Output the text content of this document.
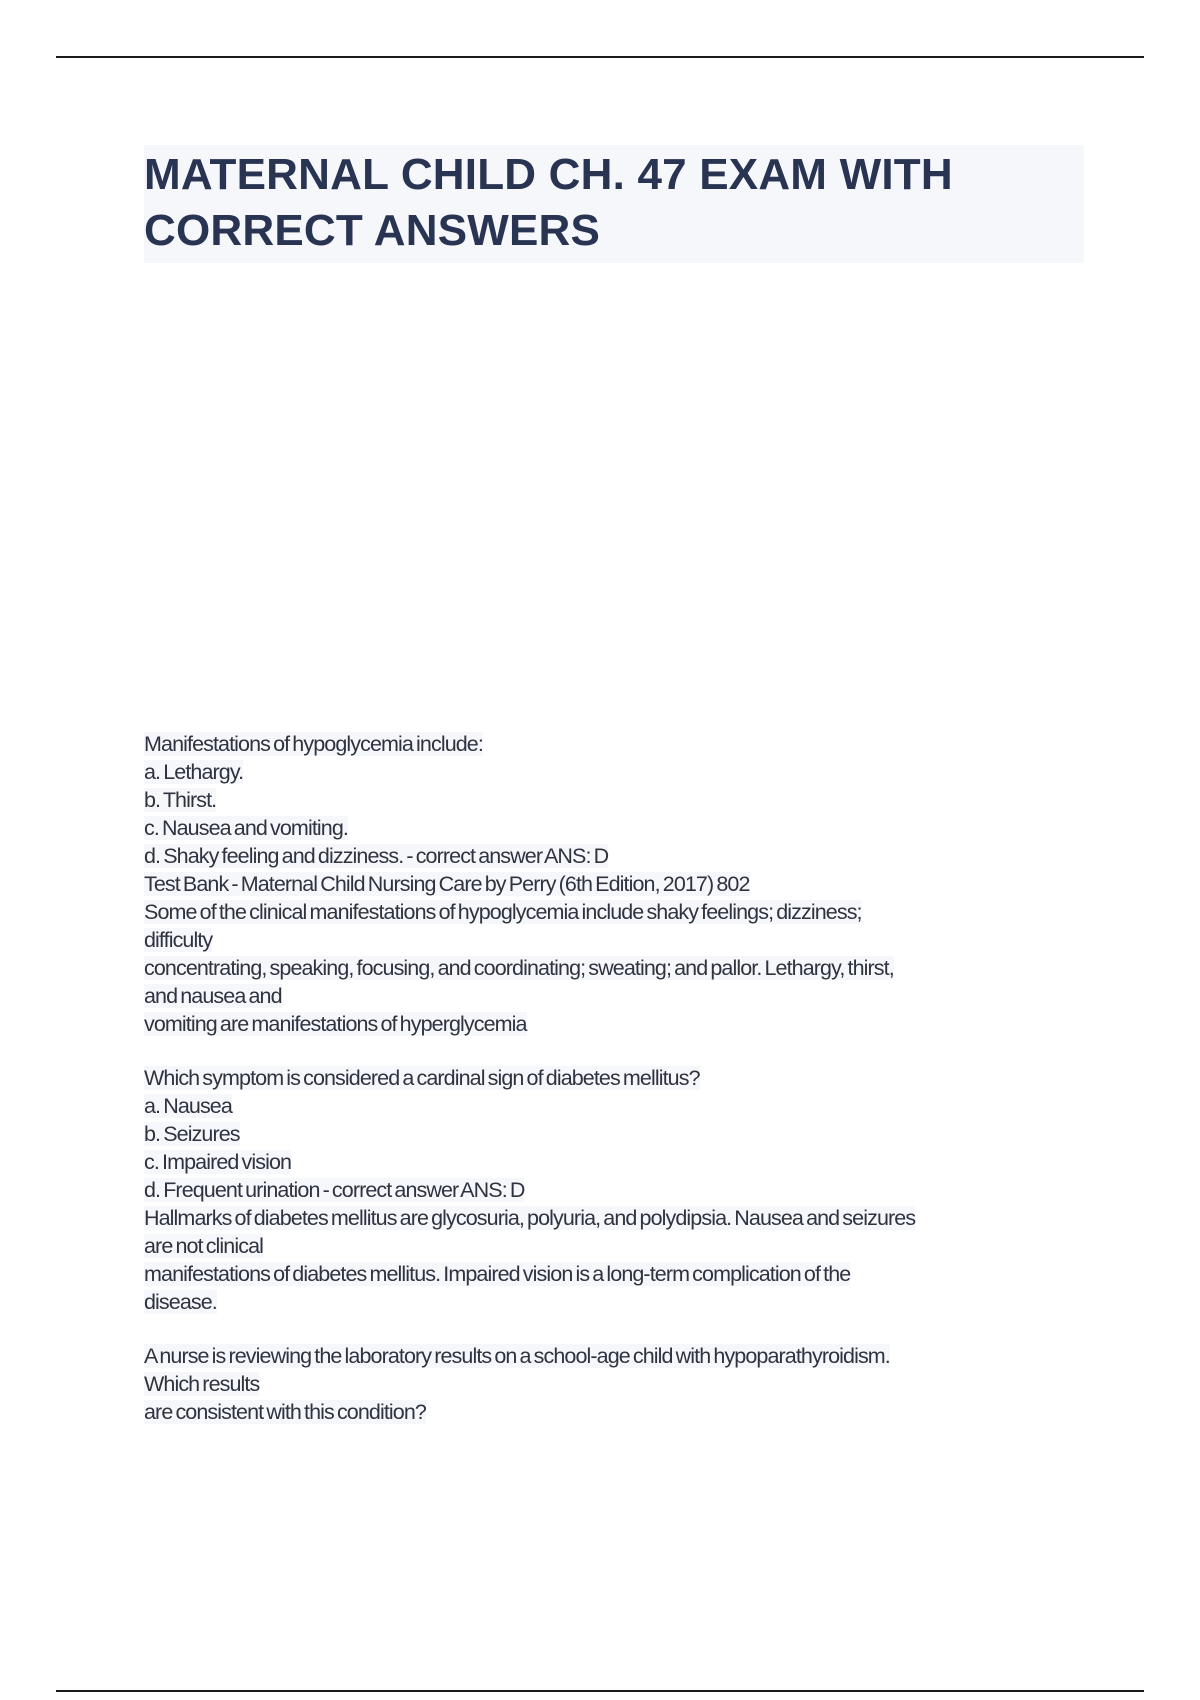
MATERNAL CHILD CH. 47 EXAM WITH CORRECT ANSWERS
Manifestations of hypoglycemia include:
a. Lethargy.
b. Thirst.
c. Nausea and vomiting.
d. Shaky feeling and dizziness. - correct answer ANS: D
Test Bank - Maternal Child Nursing Care by Perry (6th Edition, 2017) 802
Some of the clinical manifestations of hypoglycemia include shaky feelings; dizziness;
difficulty
concentrating, speaking, focusing, and coordinating; sweating; and pallor. Lethargy, thirst,
and nausea and
vomiting are manifestations of hyperglycemia
Which symptom is considered a cardinal sign of diabetes mellitus?
a. Nausea
b. Seizures
c. Impaired vision
d. Frequent urination - correct answer ANS: D
Hallmarks of diabetes mellitus are glycosuria, polyuria, and polydipsia. Nausea and seizures
are not clinical
manifestations of diabetes mellitus. Impaired vision is a long-term complication of the
disease.
A nurse is reviewing the laboratory results on a school-age child with hypoparathyroidism.
Which results
are consistent with this condition?
